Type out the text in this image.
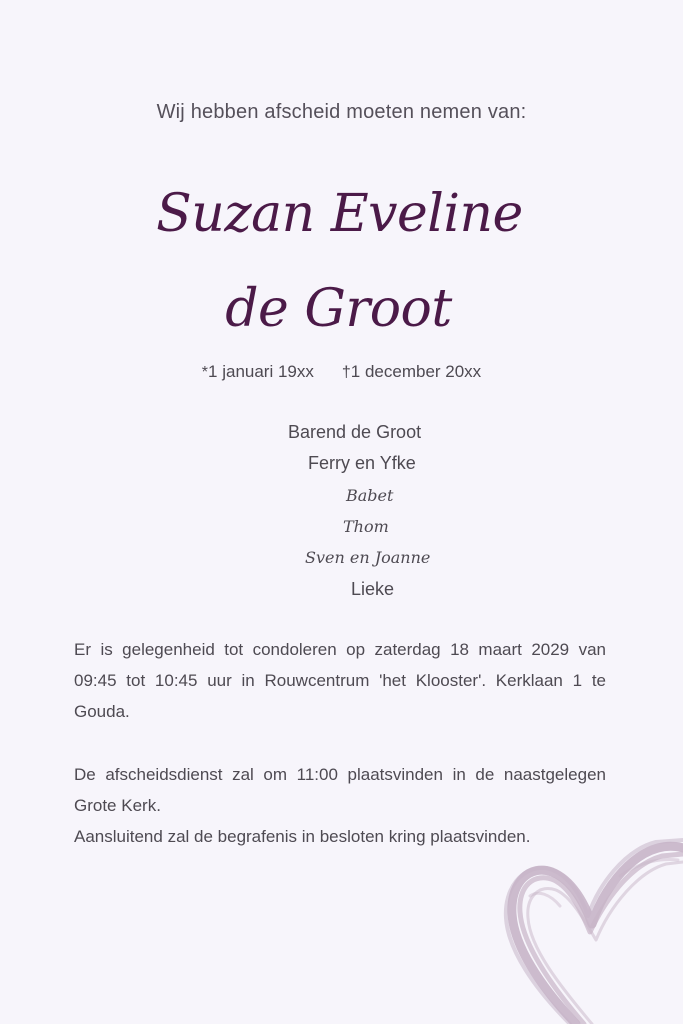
Wij hebben afscheid moeten nemen van:
Suzan Eveline
de Groot
*1 januari 19xx †1 december 20xx
Barend de Groot
Ferry en Yfke
Babet
Thom
Sven en Joanne
Lieke
Er is gelegenheid tot condoleren op zaterdag 18 maart 2029 van 09:45 tot 10:45 uur in Rouwcentrum 'het Klooster'. Kerklaan 1 te Gouda.
De afscheidsdienst zal om 11:00 plaatsvinden in de naastgelegen Grote Kerk.
Aansluitend zal de begrafenis in besloten kring plaatsvinden.
